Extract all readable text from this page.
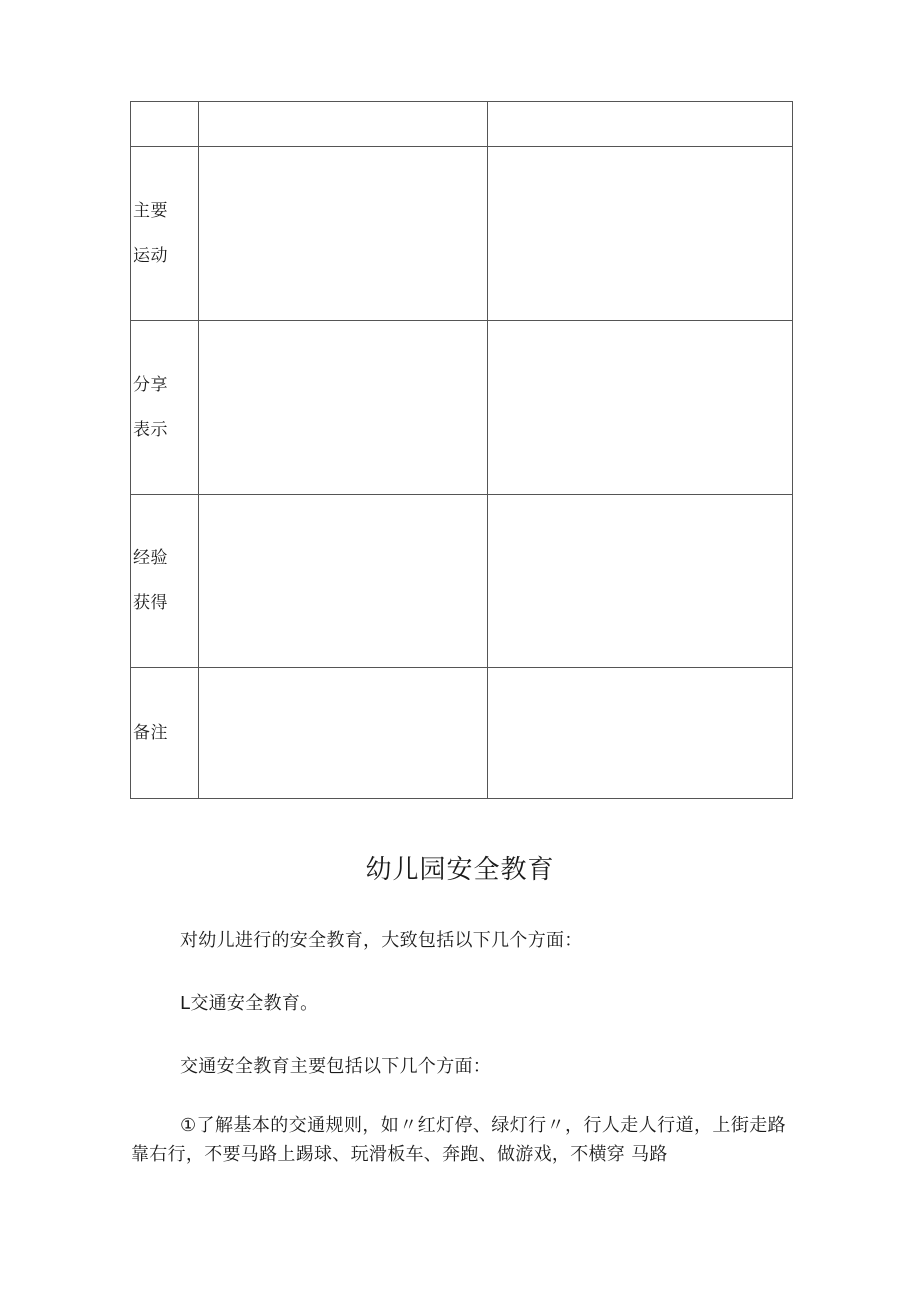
主要
运动		

分享
表示		

经验
获得		

备注		

幼儿园安全教育

对幼儿进行的安全教育，大致包括以下几个方面：

L交通安全教育。

交通安全教育主要包括以下几个方面：

①了解基本的交通规则，如〃红灯停、绿灯行〃，行人走人行道，上街走路靠右行，不要马路上踢球、玩滑板车、奔跑、做游戏，不横穿 马路
